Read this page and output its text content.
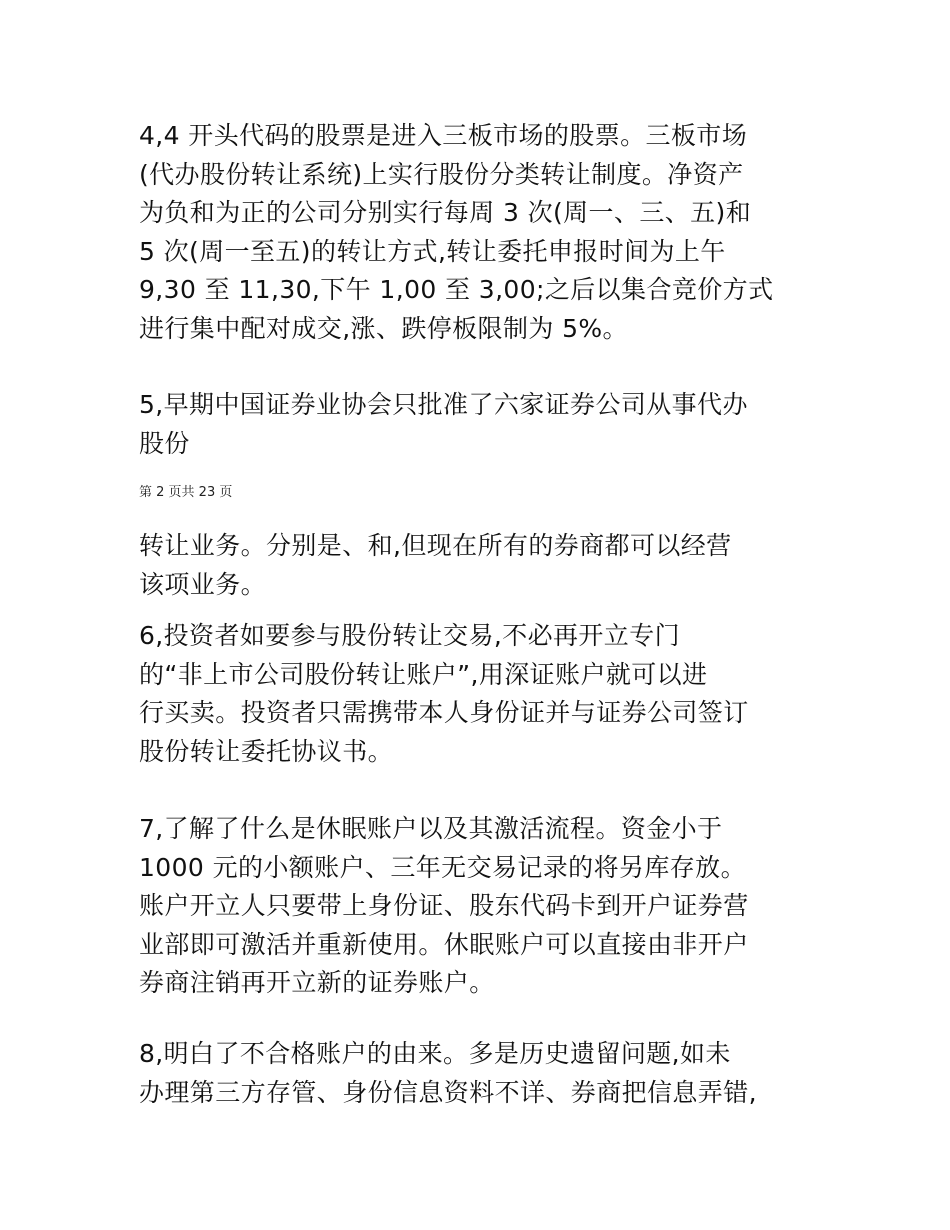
4,4 开头代码的股票是进入三板市场的股票。三板市场
(代办股份转让系统)上实行股份分类转让制度。净资产
为负和为正的公司分别实行每周 3 次(周一、三、五)和
5 次(周一至五)的转让方式,转让委托申报时间为上午
9,30 至 11,30,下午 1,00 至 3,00;之后以集合竞价方式
进行集中配对成交,涨、跌停板限制为 5%。
5,早期中国证券业协会只批准了六家证券公司从事代办
股份
第 2 页共 23 页
转让业务。分别是、和,但现在所有的券商都可以经营
该项业务。
6,投资者如要参与股份转让交易,不必再开立专门
的“非上市公司股份转让账户”,用深证账户就可以进
行买卖。投资者只需携带本人身份证并与证券公司签订
股份转让委托协议书。
7,了解了什么是休眠账户以及其激活流程。资金小于
1000 元的小额账户、三年无交易记录的将另库存放。
账户开立人只要带上身份证、股东代码卡到开户证券营
业部即可激活并重新使用。休眠账户可以直接由非开户
券商注销再开立新的证券账户。
8,明白了不合格账户的由来。多是历史遗留问题,如未
办理第三方存管、身份信息资料不详、券商把信息弄错,
